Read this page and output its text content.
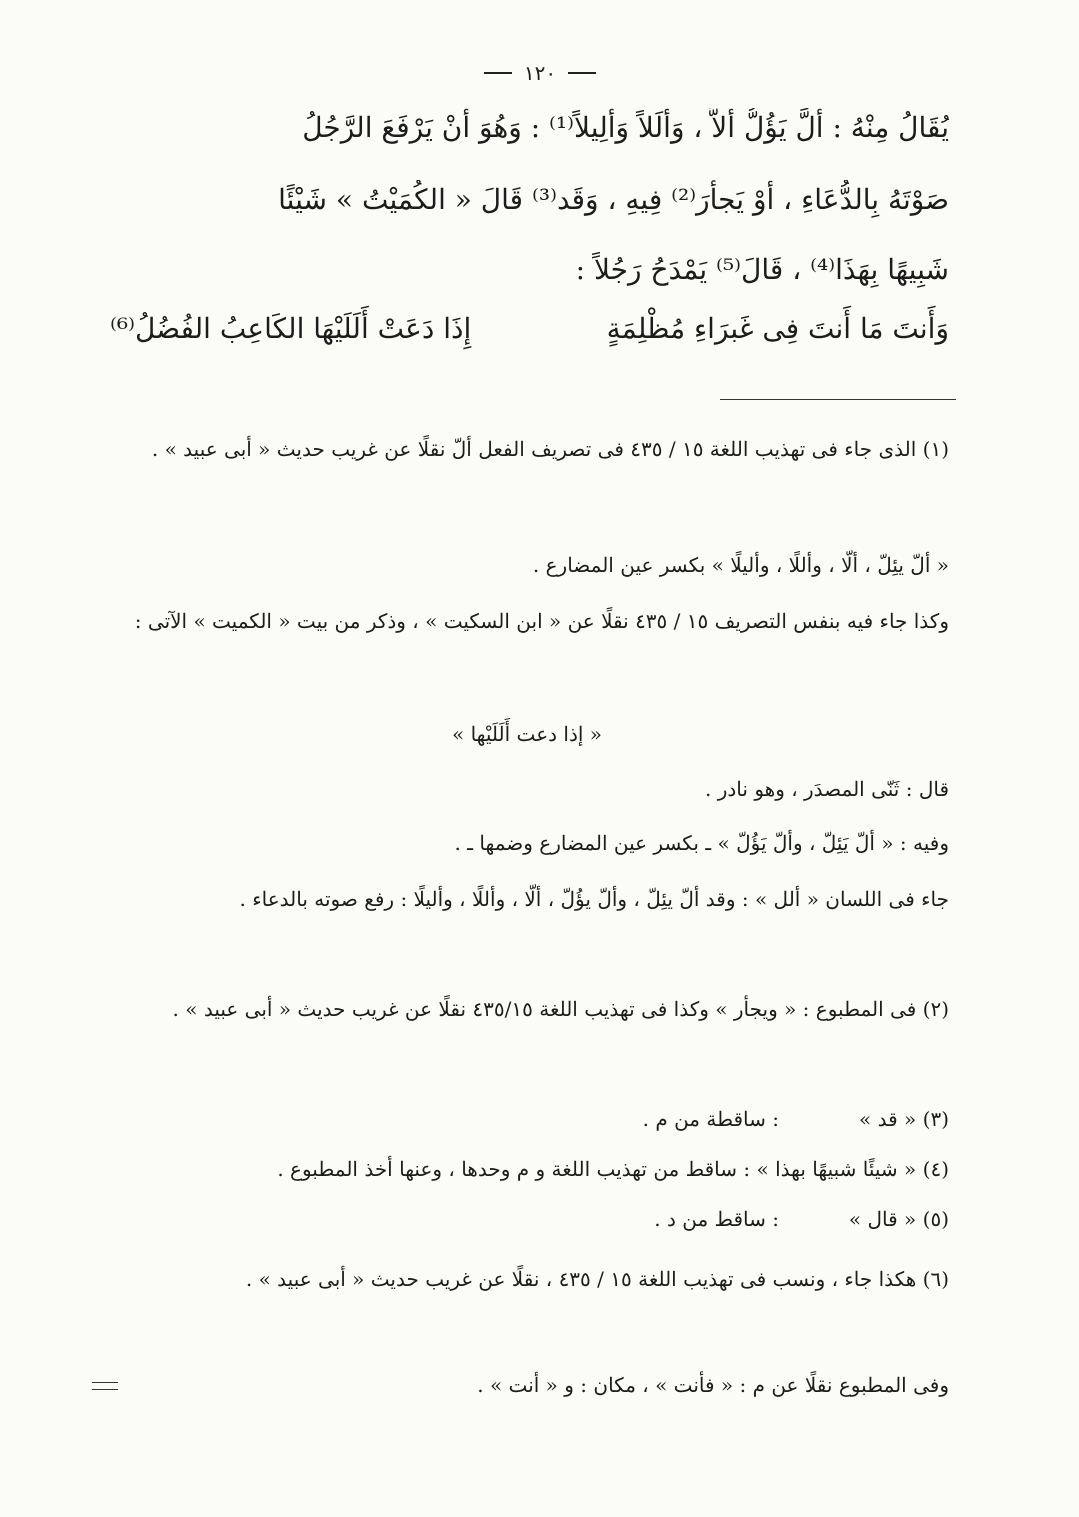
١٢٠
يُقَالُ مِنْهُ : أَلَّ يَؤُلُّ أَلاًّ ، وَأَلَلاً وَأَلِيلاً⁽¹⁾ : وَهُوَ أَنْ يَرْفَعَ الرَّجُلُ
صَوْتَهُ بِالدُّعَاءِ ، أَوْ يَجأَرَ⁽²⁾ فِيهِ ، وَقَد⁽³⁾ قَالَ « الكُمَيْتُ » شَيْئًا
شَبِيهًا بِهَذَا⁽⁴⁾ ، قَالَ⁽⁵⁾ يَمْدَحُ رَجُلاً :
وَأَنتَ مَا أَنتَ فِى غَبرَاءِ مُظْلِمَةٍ
إِذَا دَعَتْ أَلَلَيْهَا الكَاعِبُ الفُضُلُ⁽⁶⁾
(١) الذى جاء فى تهذيب اللغة ١٥ / ٤٣٥ فى تصريف الفعل ألّ نقلًا عن غريب حديث « أبى عبيد » .
« ألّ يئِلّ ، ألّا ، وأللًا ، وأليلًا » بكسر عين المضارع .
وكذا جاء فيه بنفس التصريف ١٥ / ٤٣٥ نقلًا عن « ابن السكيت » ، وذكر من بيت « الكميت » الآتى :
« إذا دعت أَلَلَيْها »
قال : ثَنّى المصدَر ، وهو نادر .
وفيه : « ألّ يَئِلّ ، وألّ يَؤُلّ » ـ بكسر عين المضارع وضمها ـ .
جاء فى اللسان « ألل » : وقد ألّ يئِلّ ، وألّ يؤُلّ ، ألّا ، وأللًا ، وأليلًا : رفع صوته بالدعاء .
(٢) فى المطبوع : « ويجأر » وكذا فى تهذيب اللغة ٤٣٥/١٥ نقلًا عن غريب حديث « أبى عبيد » .
(٣) « قد »
: ساقطة من م .
(٤) « شيئًا شبيهًا بهذا » : ساقط من تهذيب اللغة و م وحدها ، وعنها أخذ المطبوع .
(٥) « قال »
: ساقط من د .
(٦) هكذا جاء ، ونسب فى تهذيب اللغة ١٥ / ٤٣٥ ، نقلًا عن غريب حديث « أبى عبيد » .
وفى المطبوع نقلًا عن م : « فأنت » ، مكان : و « أنت » .
